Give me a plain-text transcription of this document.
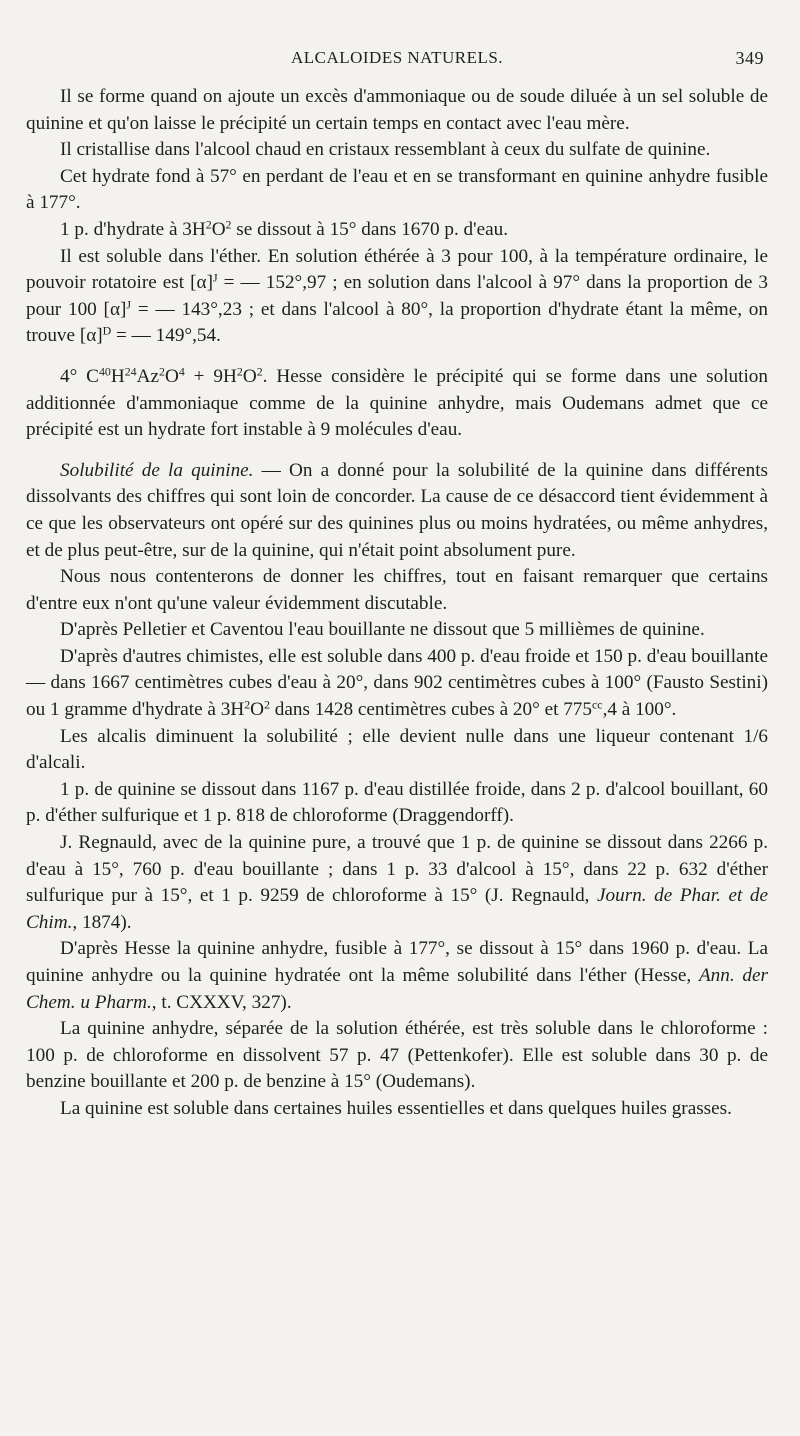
ALCALOIDES NATURELS.	349

Il se forme quand on ajoute un excès d'ammoniaque ou de soude diluée à un sel soluble de quinine et qu'on laisse le précipité un certain temps en contact avec l'eau mère.

Il cristallise dans l'alcool chaud en cristaux ressemblant à ceux du sulfate de quinine.

Cet hydrate fond à 57° en perdant de l'eau et en se transformant en quinine anhydre fusible à 177°.

1 p. d'hydrate à $3H^2O^2$ se dissout à 15° dans 1670 p. d'eau.

Il est soluble dans l'éther. En solution éthérée à 3 pour 100, à la température ordinaire, le pouvoir rotatoire est $[\alpha]^J$ = — 152°,97 ; en solution dans l'alcool à 97° dans la proportion de 3 pour 100 $[\alpha]^J$ = — 143°,23 ; et dans l'alcool à 80°, la proportion d'hydrate étant la même, on trouve $[\alpha]^D$ = — 149°,54.

4° $C^{40}H^{24}Az^2O^4 + 9H^2O^2$. Hesse considère le précipité qui se forme dans une solution additionnée d'ammoniaque comme de la quinine anhydre, mais Oudemans admet que ce précipité est un hydrate fort instable à 9 molécules d'eau.

Solubilité de la quinine. — On a donné pour la solubilité de la quinine dans différents dissolvants des chiffres qui sont loin de concorder. La cause de ce désaccord tient évidemment à ce que les observateurs ont opéré sur des quinines plus ou moins hydratées, ou même anhydres, et de plus peut-être, sur de la quinine, qui n'était point absolument pure.

Nous nous contenterons de donner les chiffres, tout en faisant remarquer que certains d'entre eux n'ont qu'une valeur évidemment discutable.

D'après Pelletier et Caventou l'eau bouillante ne dissout que 5 millièmes de quinine.

D'après d'autres chimistes, elle est soluble dans 400 p. d'eau froide et 150 p. d'eau bouillante — dans 1667 centimètres cubes d'eau à 20°, dans 902 centimètres cubes à 100° (Fausto Sestini) ou 1 gramme d'hydrate à $3H^2O^2$ dans 1428 centimètres cubes à 20° et $775^{cc},4$ à 100°.

Les alcalis diminuent la solubilité ; elle devient nulle dans une liqueur contenant 1/6 d'alcali.

1 p. de quinine se dissout dans 1167 p. d'eau distillée froide, dans 2 p. d'alcool bouillant, 60 p. d'éther sulfurique et 1 p. 818 de chloroforme (Draggendorff).

J. Regnauld, avec de la quinine pure, a trouvé que 1 p. de quinine se dissout dans 2266 p. d'eau à 15°, 760 p. d'eau bouillante ; dans 1 p. 33 d'alcool à 15°, dans 22 p. 632 d'éther sulfurique pur à 15°, et 1 p. 9259 de chloroforme à 15° (J. Regnauld, Journ. de Phar. et de Chim., 1874).

D'après Hesse la quinine anhydre, fusible à 177°, se dissout à 15° dans 1960 p. d'eau. La quinine anhydre ou la quinine hydratée ont la même solubilité dans l'éther (Hesse, Ann. der Chem. u Pharm., t. CXXXV, 327).

La quinine anhydre, séparée de la solution éthérée, est très soluble dans le chloroforme : 100 p. de chloroforme en dissolvent 57 p. 47 (Pettenkofer). Elle est soluble dans 30 p. de benzine bouillante et 200 p. de benzine à 15° (Oudemans).

La quinine est soluble dans certaines huiles essentielles et dans quelques huiles grasses.
